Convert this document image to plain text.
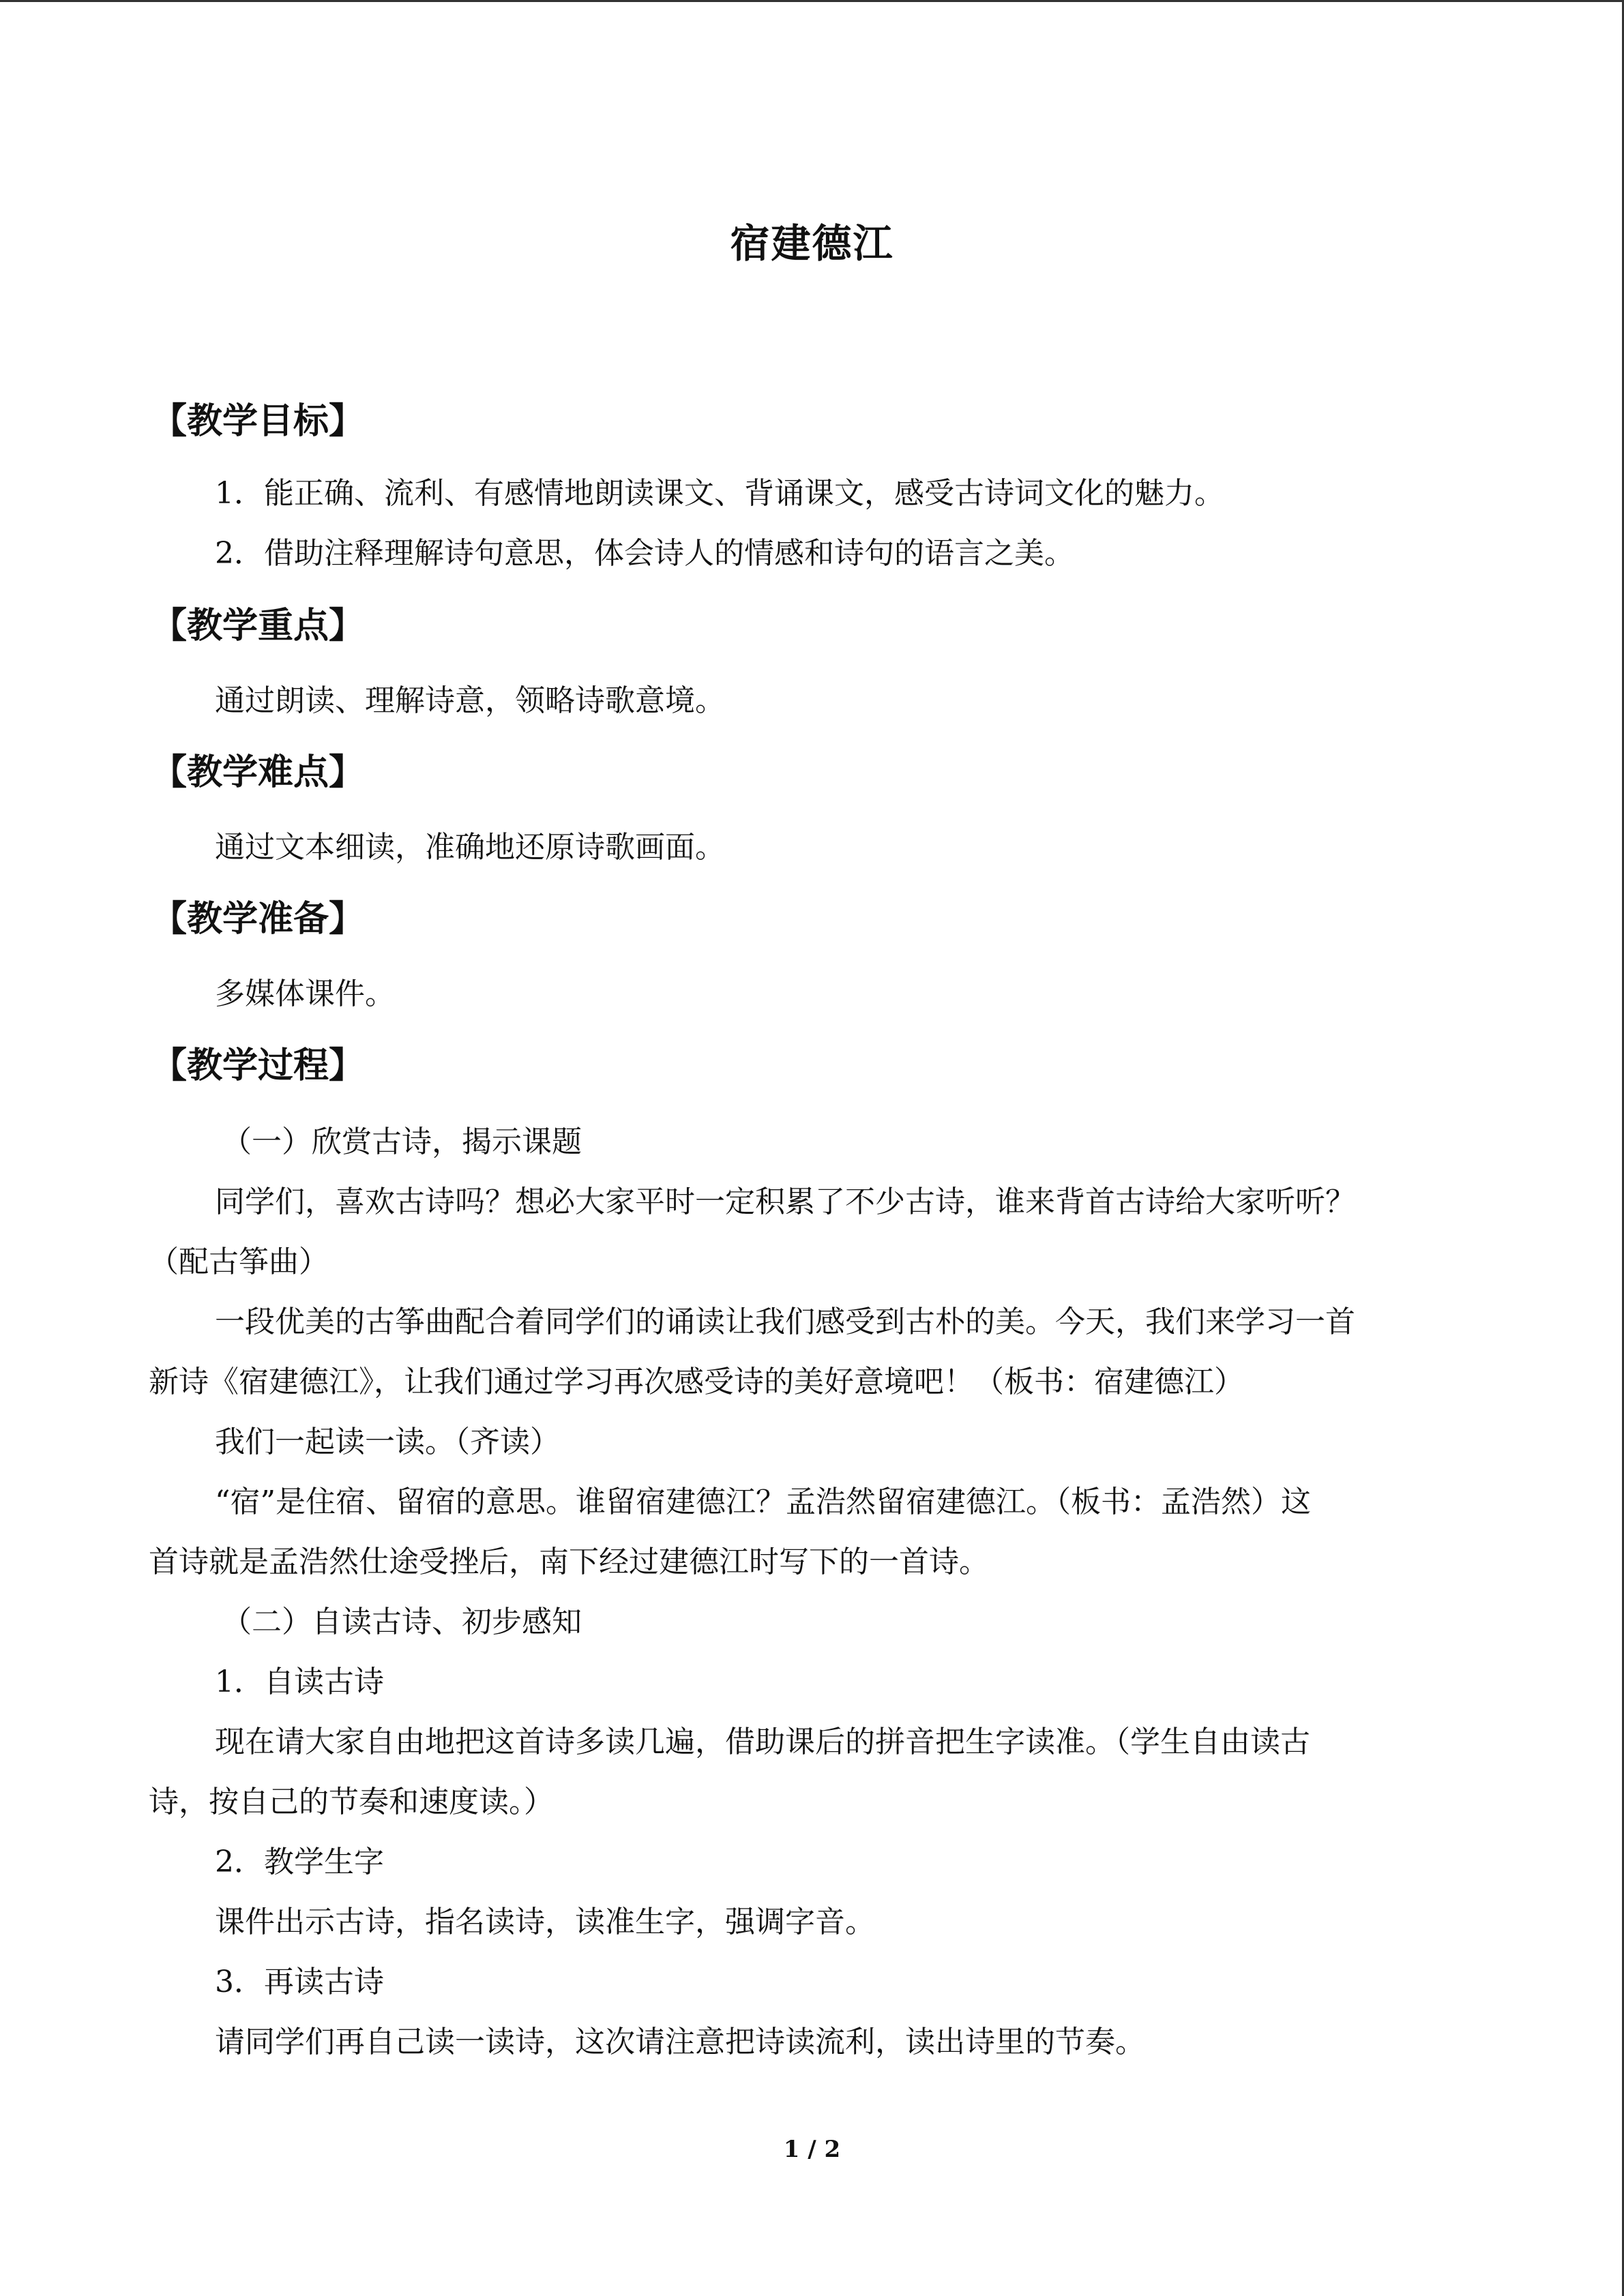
宿建德江
【教学目标】
1．能正确、流利、有感情地朗读课文、背诵课文，感受古诗词文化的魅力。
2．借助注释理解诗句意思，体会诗人的情感和诗句的语言之美。
【教学重点】
通过朗读、理解诗意，领略诗歌意境。
【教学难点】
通过文本细读，准确地还原诗歌画面。
【教学准备】
多媒体课件。
【教学过程】
（一）欣赏古诗，揭示课题
同学们，喜欢古诗吗？想必大家平时一定积累了不少古诗，谁来背首古诗给大家听听？
（配古筝曲）
一段优美的古筝曲配合着同学们的诵读让我们感受到古朴的美。今天，我们来学习一首
新诗《宿建德江》，让我们通过学习再次感受诗的美好意境吧！（板书：宿建德江）
我们一起读一读。（齐读）
“宿”是住宿、留宿的意思。谁留宿建德江？孟浩然留宿建德江。（板书：孟浩然）这
首诗就是孟浩然仕途受挫后，南下经过建德江时写下的一首诗。
（二）自读古诗、初步感知
1．自读古诗
现在请大家自由地把这首诗多读几遍，借助课后的拼音把生字读准。（学生自由读古
诗，按自己的节奏和速度读。）
2．教学生字
课件出示古诗，指名读诗，读准生字，强调字音。
3．再读古诗
请同学们再自己读一读诗，这次请注意把诗读流利，读出诗里的节奏。
1 / 2
